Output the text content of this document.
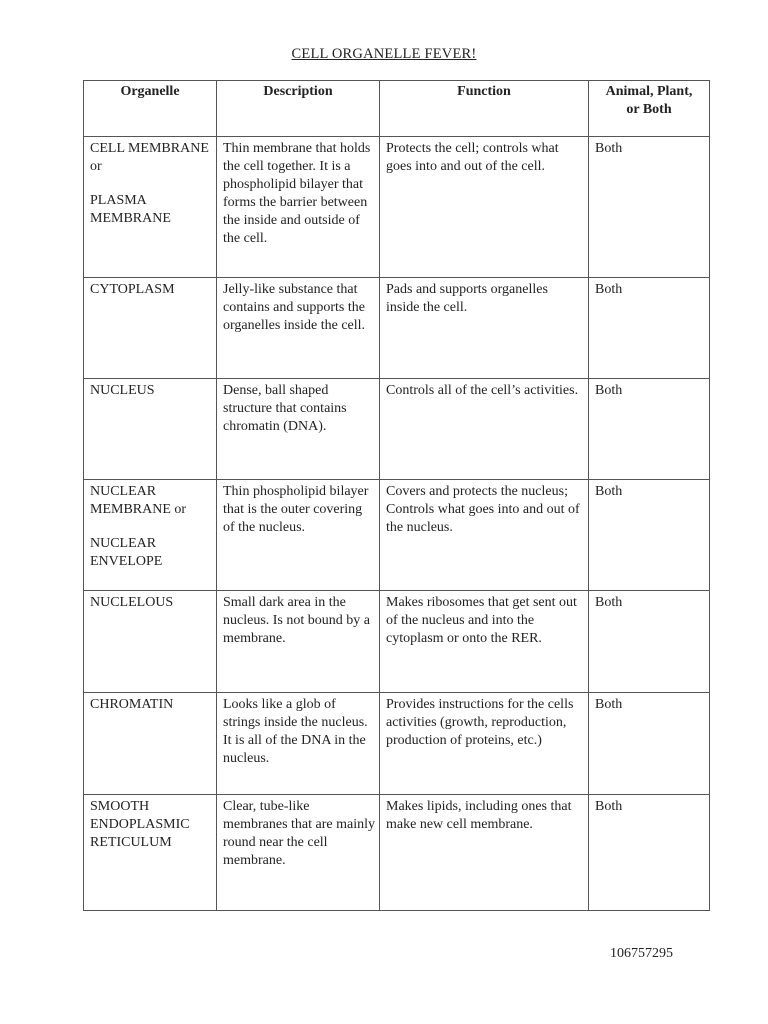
CELL ORGANELLE FEVER!
Organelle	Description	Function	Animal, Plant,
or Both

CELL MEMBRANE or
PLASMA MEMBRANE	Thin membrane that holds the cell together. It is a phospholipid bilayer that forms the barrier between the inside and outside of the cell.	Protects the cell; controls what goes into and out of the cell.	Both

CYTOPLASM	Jelly-like substance that contains and supports the organelles inside the cell.	Pads and supports organelles inside the cell.	Both

NUCLEUS	Dense, ball shaped structure that contains chromatin (DNA).	Controls all of the cell’s activities.	Both

NUCLEAR MEMBRANE or
NUCLEAR ENVELOPE	Thin phospholipid bilayer that is the outer covering of the nucleus.	Covers and protects the nucleus; Controls what goes into and out of the nucleus.	Both

NUCLELOUS	Small dark area in the nucleus. Is not bound by a membrane.	Makes ribosomes that get sent out of the nucleus and into the cytoplasm or onto the RER.	Both

CHROMATIN	Looks like a glob of strings inside the nucleus. It is all of the DNA in the nucleus.	Provides instructions for the cells activities (growth, reproduction, production of proteins, etc.)	Both

SMOOTH ENDOPLASMIC RETICULUM	Clear, tube-like membranes that are mainly round near the cell membrane.	Makes lipids, including ones that make new cell membrane.	Both
106757295
